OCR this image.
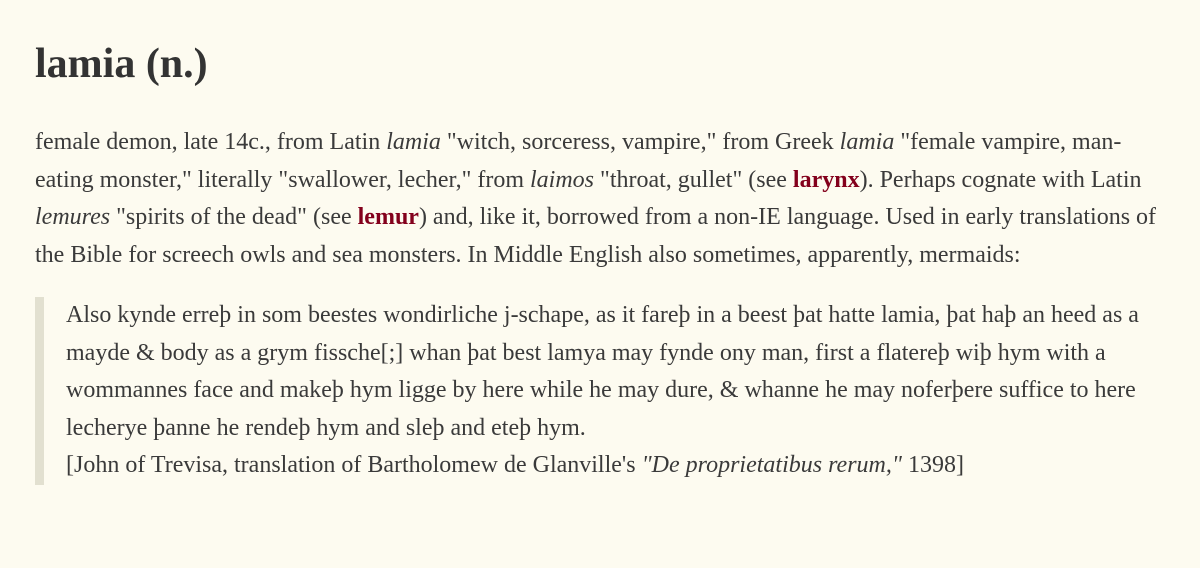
lamia (n.)

female demon, late 14c., from Latin lamia "witch, sorceress, vampire," from Greek lamia "female vampire, man-eating monster," literally "swallower, lecher," from laimos "throat, gullet" (see larynx). Perhaps cognate with Latin lemures "spirits of the dead" (see lemur) and, like it, borrowed from a non-IE language. Used in early translations of the Bible for screech owls and sea monsters. In Middle English also sometimes, apparently, mermaids:

Also kynde erreþ in som beestes wondirliche j-schape, as it fareþ in a beest þat hatte lamia, þat haþ an heed as a mayde & body as a grym fissche[;] whan þat best lamya may fynde ony man, first a flatereþ wiþ hym with a wommannes face and makeþ hym ligge by here while he may dure, & whanne he may noferþere suffice to here lecherye þanne he rendeþ hym and sleþ and eteþ hym.
[John of Trevisa, translation of Bartholomew de Glanville's "De proprietatibus rerum," 1398]
